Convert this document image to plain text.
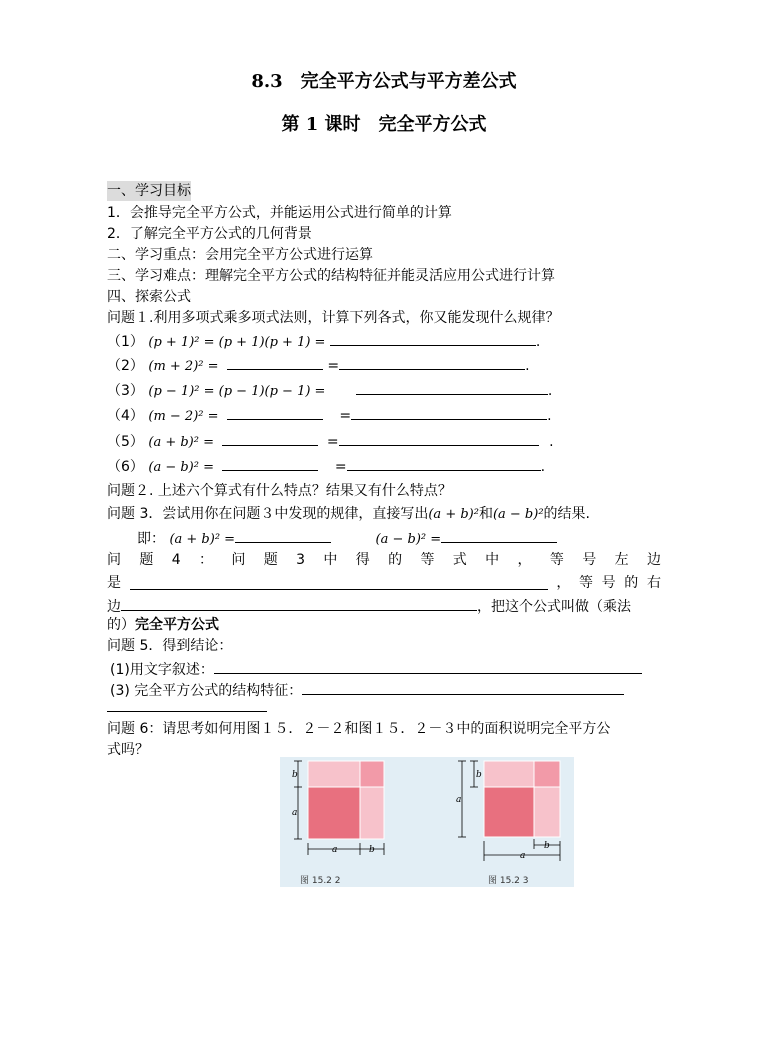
8.3　完全平方公式与平方差公式
第 1 课时　完全平方公式
一、学习目标
1．会推导完全平方公式，并能运用公式进行简单的计算
2．了解完全平方公式的几何背景
二、学习重点：会用完全平方公式进行运算
三、学习难点：理解完全平方公式的结构特征并能灵活应用公式进行计算
四、探索公式
问题１.利用多项式乘多项式法则，计算下列各式，你又能发现什么规律？
（1） (p + 1)² = (p + 1)(p + 1) =	.
（2） (m + 2)² =	=	.
（3） (p − 1)² = (p − 1)(p − 1) =	.
（4） (m − 2)² =	=	.
（5） (a + b)² =	=	.
（6） (a − b)² =	=	.
问题２. 上述六个算式有什么特点？结果又有什么特点？
问题 3．尝试用你在问题３中发现的规律，直接写出(a + b)²和(a − b)²的结果.
即： (a + b)² =	(a − b)² =
问 题 4 ： 问 题 3 中 得 的 等 式 中 ， 等 号 左 边
是	， 等 号 的 右
边	，把这个公式叫做（乘法
的）完全平方公式
问题 5．得到结论：
(1)用文字叙述：
(3) 完全平方公式的结构特征：
问题 6：请思考如何用图１５．２－２和图１５．２－３中的面积说明完全平方公
式吗？
b
a
a	b
图 15.2 2
a
b
b
a
图 15.2 3
